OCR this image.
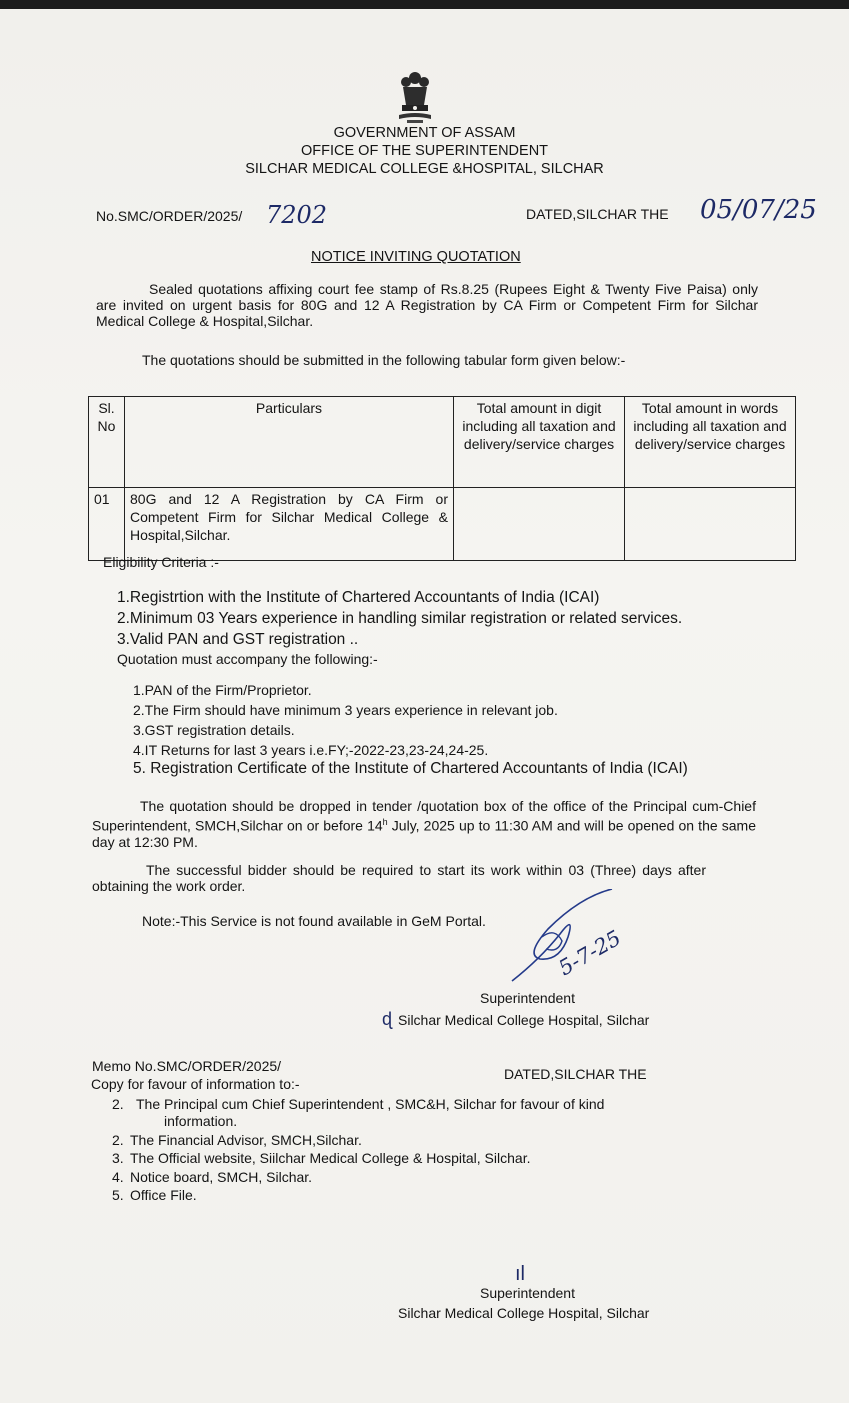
GOVERNMENT OF ASSAM
OFFICE OF THE SUPERINTENDENT
SILCHAR MEDICAL COLLEGE &HOSPITAL, SILCHAR
No.SMC/ORDER/2025/ 7202	DATED,SILCHAR THE 05/07/25
NOTICE INVITING QUOTATION

Sealed quotations affixing court fee stamp of Rs.8.25 (Rupees Eight & Twenty Five Paisa) only are invited on urgent basis for 80G and 12 A Registration by CA Firm or Competent Firm for Silchar Medical College & Hospital,Silchar.

The quotations should be submitted in the following tabular form given below:-
Sl. No	Particulars	Total amount in digit including all taxation and delivery/service charges	Total amount in words including all taxation and delivery/service charges
01	80G and 12 A Registration by CA Firm or Competent Firm for Silchar Medical College & Hospital,Silchar.		
Eligibility Criteria :-
1.Registrtion with the Institute of Chartered Accountants of India (ICAI)
2.Minimum 03 Years experience in handling similar registration or related services.
3.Valid PAN and GST registration ..
Quotation must accompany the following:-
1.PAN of the Firm/Proprietor.
2.The Firm should have minimum 3 years experience in relevant job.
3.GST registration details.
4.IT Returns for last 3 years i.e.FY;-2022-23,23-24,24-25.
5. Registration Certificate of the Institute of Chartered Accountants of India (ICAI)

The quotation should be dropped in tender /quotation box of the office of the Principal cum-Chief Superintendent, SMCH,Silchar on or before 14$^h$ July, 2025 up to 11:30 AM and will be opened on the same day at 12:30 PM.

The successful bidder should be required to start its work within 03 (Three) days after obtaining the work order.

Note:-This Service is not found available in GeM Portal.
5-7-25
Superintendent
ɖ Silchar Medical College Hospital, Silchar
Memo No.SMC/ORDER/2025/	DATED,SILCHAR THE
Copy for favour of information to:-
2. The Principal cum Chief Superintendent , SMC&H, Silchar for favour of kind
information.
2. The Financial Advisor, SMCH,Silchar.
3. The Official website, Siilchar Medical College & Hospital, Silchar.
4. Notice board, SMCH, Silchar.
5. Office File.
ıl
Superintendent
Silchar Medical College Hospital, Silchar
